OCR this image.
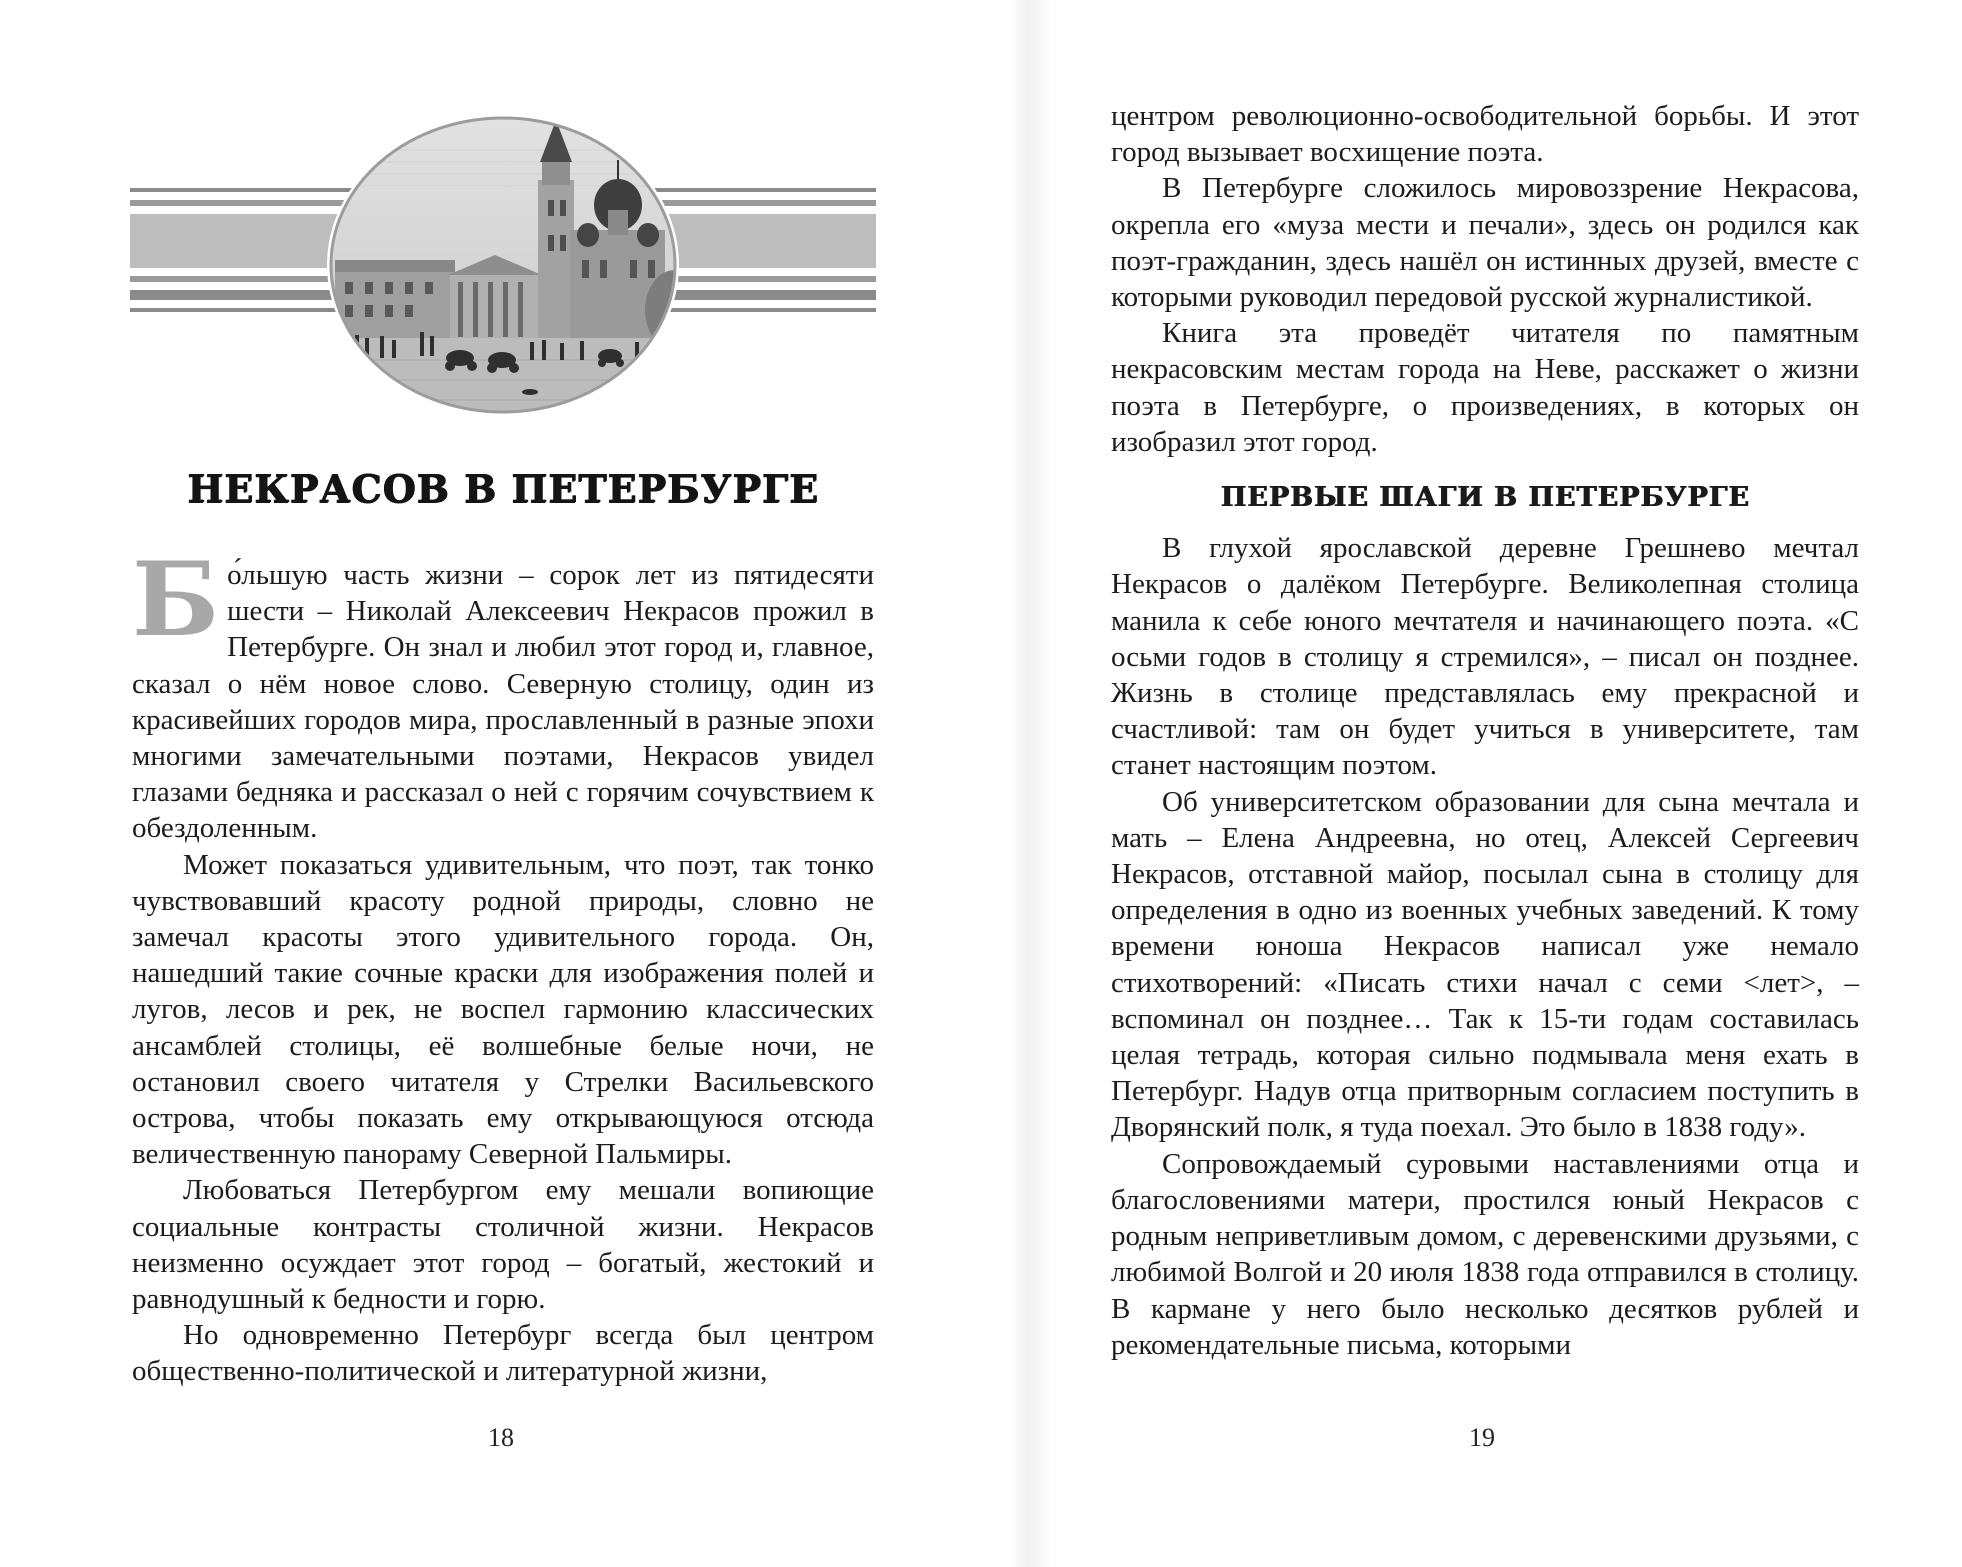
НЕКРАСОВ В ПЕТЕРБУРГЕ

Бо́льшую часть жизни – сорок лет из пятидесяти шести – Николай Алексеевич Некрасов прожил в Петербурге. Он знал и любил этот город и, главное, сказал о нём новое слово. Северную столицу, один из красивейших городов мира, прославленный в разные эпохи многими замечательными поэтами, Некрасов увидел глазами бедняка и рассказал о ней с горячим сочувствием к обездоленным.

Может показаться удивительным, что поэт, так тонко чувствовавший красоту родной природы, словно не замечал красоты этого удивительного города. Он, нашедший такие сочные краски для изображения полей и лугов, лесов и рек, не воспел гармонию классических ансамблей столицы, её волшебные белые ночи, не остановил своего читателя у Стрелки Васильевского острова, чтобы показать ему открывающуюся отсюда величественную панораму Северной Пальмиры.

Любоваться Петербургом ему мешали вопиющие социальные контрасты столичной жизни. Некрасов неизменно осуждает этот город – богатый, жестокий и равнодушный к бедности и горю.

Но одновременно Петербург всегда был центром общественно-политической и литературной жизни,

18

центром революционно-освободительной борьбы. И этот город вызывает восхищение поэта.

В Петербурге сложилось мировоззрение Некрасова, окрепла его «муза мести и печали», здесь он родился как поэт-гражданин, здесь нашёл он истинных друзей, вместе с которыми руководил передовой русской журналистикой.

Книга эта проведёт читателя по памятным некрасовским местам города на Неве, расскажет о жизни поэта в Петербурге, о произведениях, в которых он изобразил этот город.

ПЕРВЫЕ ШАГИ В ПЕТЕРБУРГЕ

В глухой ярославской деревне Грешнево мечтал Некрасов о далёком Петербурге. Великолепная столица манила к себе юного мечтателя и начинающего поэта. «С осьми годов в столицу я стремился», – писал он позднее. Жизнь в столице представлялась ему прекрасной и счастливой: там он будет учиться в университете, там станет настоящим поэтом.

Об университетском образовании для сына мечтала и мать – Елена Андреевна, но отец, Алексей Сергеевич Некрасов, отставной майор, посылал сына в столицу для определения в одно из военных учебных заведений. К тому времени юноша Некрасов написал уже немало стихотворений: «Писать стихи начал с семи <лет>, – вспоминал он позднее… Так к 15-ти годам составилась целая тетрадь, которая сильно подмывала меня ехать в Петербург. Надув отца притворным согласием поступить в Дворянский полк, я туда поехал. Это было в 1838 году».

Сопровождаемый суровыми наставлениями отца и благословениями матери, простился юный Некрасов с родным неприветливым домом, с деревенскими друзьями, с любимой Волгой и 20 июля 1838 года отправился в столицу. В кармане у него было несколько десятков рублей и рекомендательные письма, которыми

19
